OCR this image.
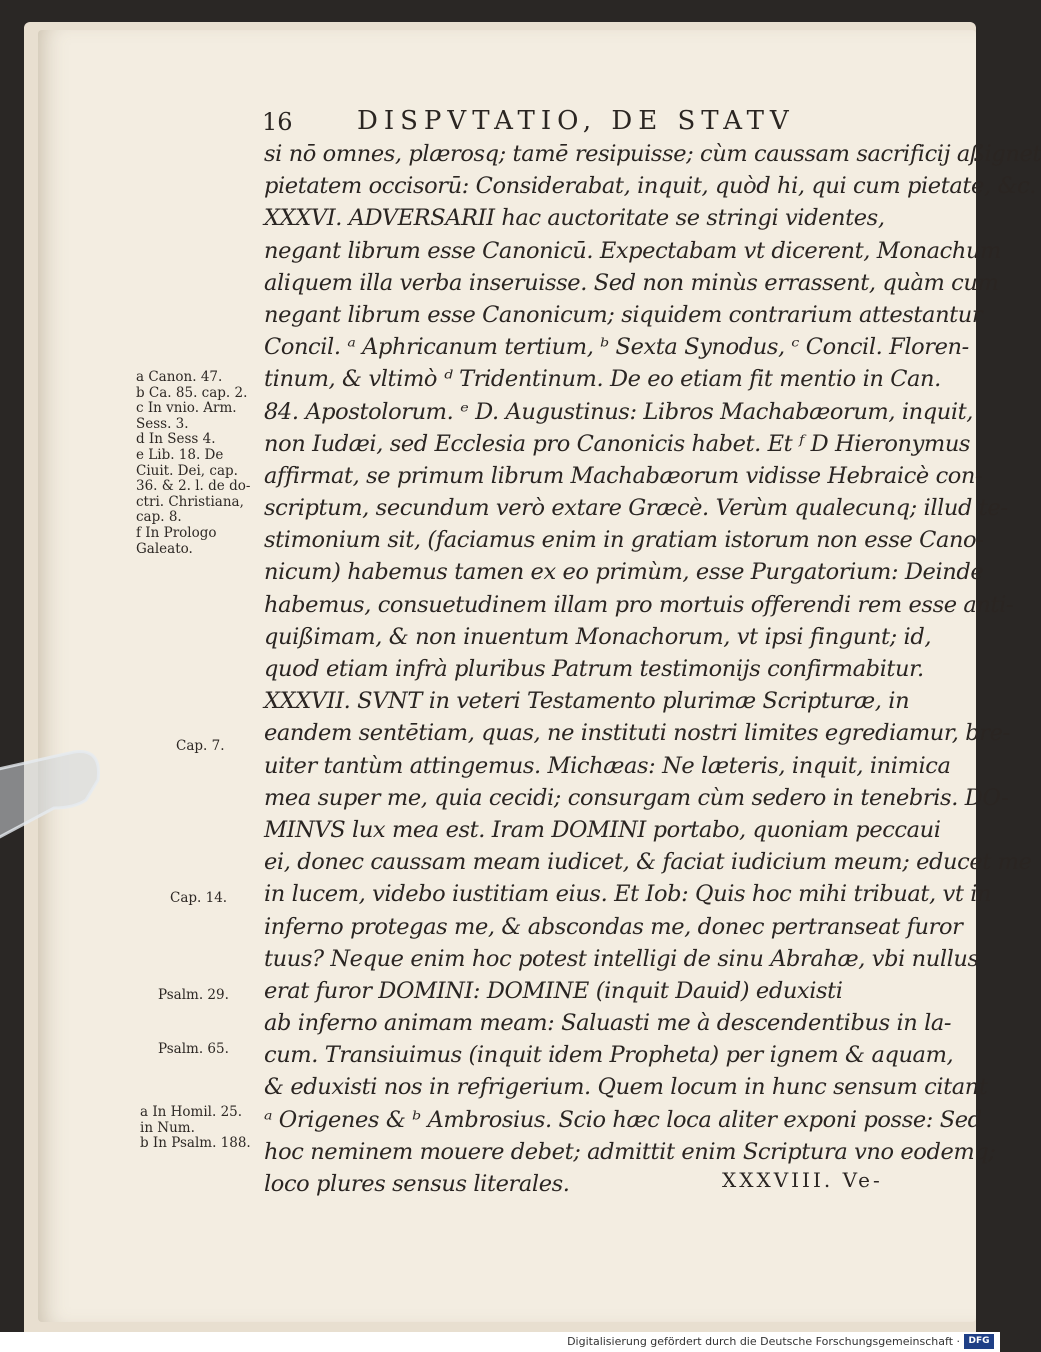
16 DISPVTATIO, DE STATV
si nō omnes, plærosq; tamē resipuisse; cùm caussam sacrificij aßignet
pietatem occisorū: Considerabat, inquit, quòd hi, qui cum pietate, &c.
XXXVI. ADVERSARII hac auctoritate se stringi videntes,
negant librum esse Canonicū. Expectabam vt dicerent, Monachum
aliquem illa verba inseruisse. Sed non minùs errassent, quàm cum
negant librum esse Canonicum; siquidem contrarium attestantur
Concil. ᵃ Aphricanum tertium, ᵇ Sexta Synodus, ᶜ Concil. Floren-
tinum, & vltimò ᵈ Tridentinum. De eo etiam fit mentio in Can.
84. Apostolorum. ᵉ D. Augustinus: Libros Machabæorum, inquit,
non Iudæi, sed Ecclesia pro Canonicis habet. Et ᶠ D Hieronymus
affirmat, se primum librum Machabæorum vidisse Hebraicè con-
scriptum, secundum verò extare Græcè. Verùm qualecunq; illud te-
stimonium sit, (faciamus enim in gratiam istorum non esse Cano-
nicum) habemus tamen ex eo primùm, esse Purgatorium: Deinde
habemus, consuetudinem illam pro mortuis offerendi rem esse anti-
quißimam, & non inuentum Monachorum, vt ipsi fingunt; id,
quod etiam infrà pluribus Patrum testimonijs confirmabitur.
XXXVII. SVNT in veteri Testamento plurimæ Scripturæ, in
eandem sentētiam, quas, ne instituti nostri limites egrediamur, bre-
uiter tantùm attingemus. Michæas: Ne læteris, inquit, inimica
mea super me, quia cecidi; consurgam cùm sedero in tenebris. DO-
MINVS lux mea est. Iram DOMINI portabo, quoniam peccaui
ei, donec caussam meam iudicet, & faciat iudicium meum; educet me
in lucem, videbo iustitiam eius. Et Iob: Quis hoc mihi tribuat, vt in
inferno protegas me, & abscondas me, donec pertranseat furor
tuus? Neque enim hoc potest intelligi de sinu Abrahæ, vbi nullus
erat furor DOMINI: DOMINE (inquit Dauid) eduxisti
ab inferno animam meam: Saluasti me à descendentibus in la-
cum. Transiuimus (inquit idem Propheta) per ignem & aquam,
& eduxisti nos in refrigerium. Quem locum in hunc sensum citant
ᵃ Origenes & ᵇ Ambrosius. Scio hæc loca aliter exponi posse: Sed
hoc neminem mouere debet; admittit enim Scriptura vno eodemq;
loco plures sensus literales.
a Canon. 47.
b Ca. 85. cap. 2.
c In vnio. Arm.
Sess. 3.
d In Sess 4.
e Lib. 18. De
Ciuit. Dei, cap.
36. & 2. l. de do-
ctri. Christiana,
cap. 8.
f In Prologo
Galeato.
Cap. 7.
Cap. 14.
Psalm. 29.
Psalm. 65.
a In Homil. 25.
in Num.
b In Psalm. 188.
XXXVIII. Ve-
Digitalisierung gefördert durch die Deutsche Forschungsgemeinschaft · DFG
